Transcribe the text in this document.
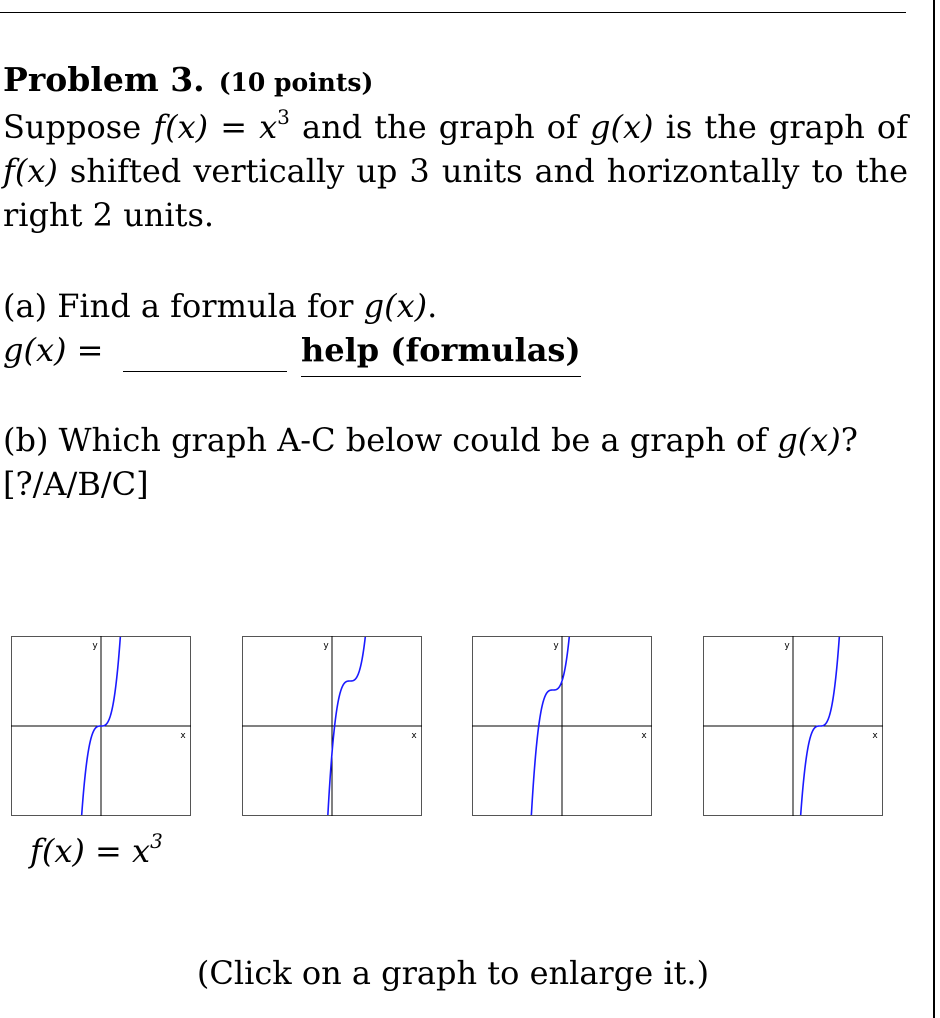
Problem 3. (10 points)
Suppose $f(x) = x^3$ and the graph of g(x) is the graph of f(x) shifted vertically up 3 units and horizontally to the right 2 units.
(a) Find a formula for g(x).
g(x) =	help (formulas)
(b) Which graph A-C below could be a graph of g(x)?
[?/A/B/C]
y
x
y
x
y
x
y
x
$f(x) = x^3$
(Click on a graph to enlarge it.)
